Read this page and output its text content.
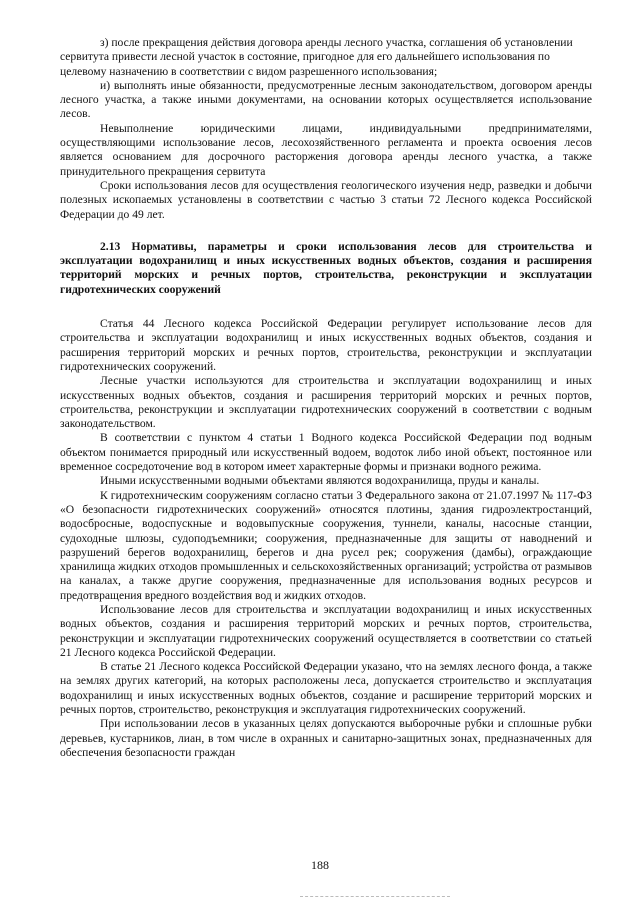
з) после прекращения действия договора аренды лесного участка, соглашения об установлении сервитута привести лесной участок в состояние, пригодное для его дальнейшего использования по целевому назначению в соответствии с видом разрешенного использования;

и) выполнять иные обязанности, предусмотренные лесным законодательством, договором аренды лесного участка, а также иными документами, на основании которых осуществляется использование лесов.

Невыполнение юридическими лицами, индивидуальными предпринимателями, осуществляющими использование лесов, лесохозяйственного регламента и проекта освоения лесов является основанием для досрочного расторжения договора аренды лесного участка, а также принудительного прекращения сервитута

Сроки использования лесов для осуществления геологического изучения недр, разведки и добычи полезных ископаемых установлены в соответствии с частью 3 статьи 72 Лесного кодекса Российской Федерации до 49 лет.

2.13 Нормативы, параметры и сроки использования лесов для строительства и эксплуатации водохранилищ и иных искусственных водных объектов, создания и расширения территорий морских и речных портов, строительства, реконструкции и эксплуатации гидротехнических сооружений

Статья 44 Лесного кодекса Российской Федерации регулирует использование лесов для строительства и эксплуатации водохранилищ и иных искусственных водных объектов, создания и расширения территорий морских и речных портов, строительства, реконструкции и эксплуатации гидротехнических сооружений.

Лесные участки используются для строительства и эксплуатации водохранилищ и иных искусственных водных объектов, создания и расширения территорий морских и речных портов, строительства, реконструкции и эксплуатации гидротехнических сооружений в соответствии с водным законодательством.

В соответствии с пунктом 4 статьи 1 Водного кодекса Российской Федерации под водным объектом понимается природный или искусственный водоем, водоток либо иной объект, постоянное или временное сосредоточение вод в котором имеет характерные формы и признаки водного режима.

Иными искусственными водными объектами являются водохранилища, пруды и каналы.

К гидротехническим сооружениям согласно статьи 3 Федерального закона от 21.07.1997 № 117-ФЗ «О безопасности гидротехнических сооружений» относятся плотины, здания гидроэлектростанций, водосбросные, водоспускные и водовыпускные сооружения, туннели, каналы, насосные станции, судоходные шлюзы, судоподъемники; сооружения, предназначенные для защиты от наводнений и разрушений берегов водохранилищ, берегов и дна русел рек; сооружения (дамбы), ограждающие хранилища жидких отходов промышленных и сельскохозяйственных организаций; устройства от размывов на каналах, а также другие сооружения, предназначенные для использования водных ресурсов и предотвращения вредного воздействия вод и жидких отходов.

Использование лесов для строительства и эксплуатации водохранилищ и иных искусственных водных объектов, создания и расширения территорий морских и речных портов, строительства, реконструкции и эксплуатации гидротехнических сооружений осуществляется в соответствии со статьей 21 Лесного кодекса Российской Федерации.

В статье 21 Лесного кодекса Российской Федерации указано, что на землях лесного фонда, а также на землях других категорий, на которых расположены леса, допускается строительство и эксплуатация водохранилищ и иных искусственных водных объектов, создание и расширение территорий морских и речных портов, строительство, реконструкция и эксплуатация гидротехнических сооружений.

При использовании лесов в указанных целях допускаются выборочные рубки и сплошные рубки деревьев, кустарников, лиан, в том числе в охранных и санитарно-защитных зонах, предназначенных для обеспечения безопасности граждан

188
